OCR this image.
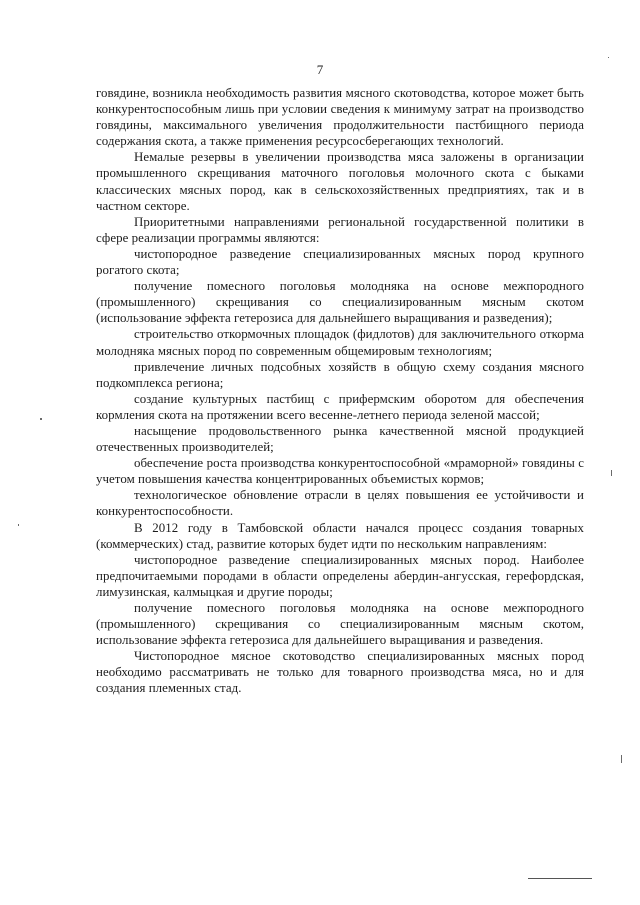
7

говядине, возникла необходимость развития мясного скотоводства, которое может быть конкурентоспособным лишь при условии сведения к минимуму затрат на производство говядины, максимального увеличения продолжительности пастбищного периода содержания скота, а также применения ресурсосберегающих технологий.

Немалые резервы в увеличении производства мяса заложены в организации промышленного скрещивания маточного поголовья молочного скота с быками классических мясных пород, как в сельскохозяйственных предприятиях, так и в частном секторе.

Приоритетными направлениями региональной государственной политики в сфере реализации программы являются:

чистопородное разведение специализированных мясных пород крупного рогатого скота;

получение помесного поголовья молодняка на основе межпородного (промышленного) скрещивания со специализированным мясным скотом (использование эффекта гетерозиса для дальнейшего выращивания и разведения);

строительство откормочных площадок (фидлотов) для заключительного откорма молодняка мясных пород по современным общемировым технологиям;

привлечение личных подсобных хозяйств в общую схему создания мясного подкомплекса региона;

создание культурных пастбищ с прифермским оборотом для обеспечения кормления скота на протяжении всего весенне-летнего периода зеленой массой;

насыщение продовольственного рынка качественной мясной продукцией отечественных производителей;

обеспечение роста производства конкурентоспособной «мраморной» говядины с учетом повышения качества концентрированных объемистых кормов;

технологическое обновление отрасли в целях повышения ее устойчивости и конкурентоспособности.

В 2012 году в Тамбовской области начался процесс создания товарных (коммерческих) стад, развитие которых будет идти по нескольким направлениям:

чистопородное разведение специализированных мясных пород. Наиболее предпочитаемыми породами в области определены абердин-ангусская, герефордская, лимузинская, калмыцкая и другие породы;

получение помесного поголовья молодняка на основе межпородного (промышленного) скрещивания со специализированным мясным скотом, использование эффекта гетерозиса для дальнейшего выращивания и разведения.

Чистопородное мясное скотоводство специализированных мясных пород необходимо рассматривать не только для товарного производства мяса, но и для создания племенных стад.
